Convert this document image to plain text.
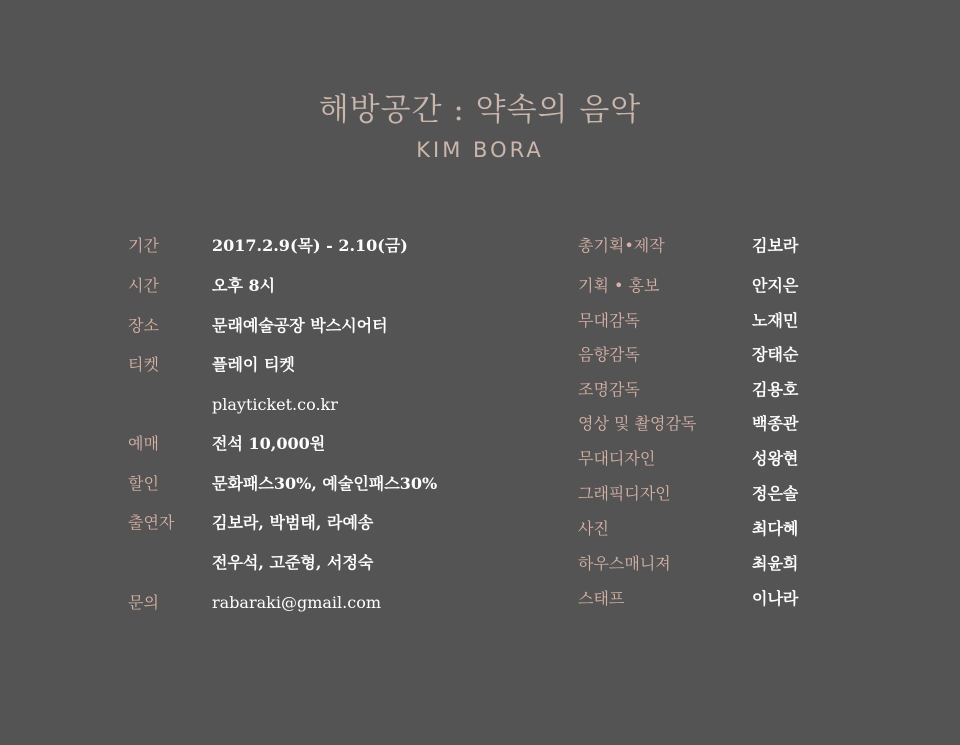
해방공간 : 약속의 음악
KIM BORA
기간	2017.2.9(목) - 2.10(금)
시간	오후 8시
장소	문래예술공장 박스시어터
티켓	플레이 티켓
playticket.co.kr
예매	전석 10,000원
할인	문화패스30%, 예술인패스30%
출연자 김보라, 박범태, 라예송
전우석, 고준형, 서정숙
문의	rabaraki@gmail.com
총기획•제작	김보라
기획 • 홍보	안지은
무대감독	노재민
음향감독	장태순
조명감독	김용호
영상 및 촬영감독	백종관
무대디자인	성왕현
그래픽디자인	정은솔
사진	최다혜
하우스매니져	최윤희
스태프	이나라
